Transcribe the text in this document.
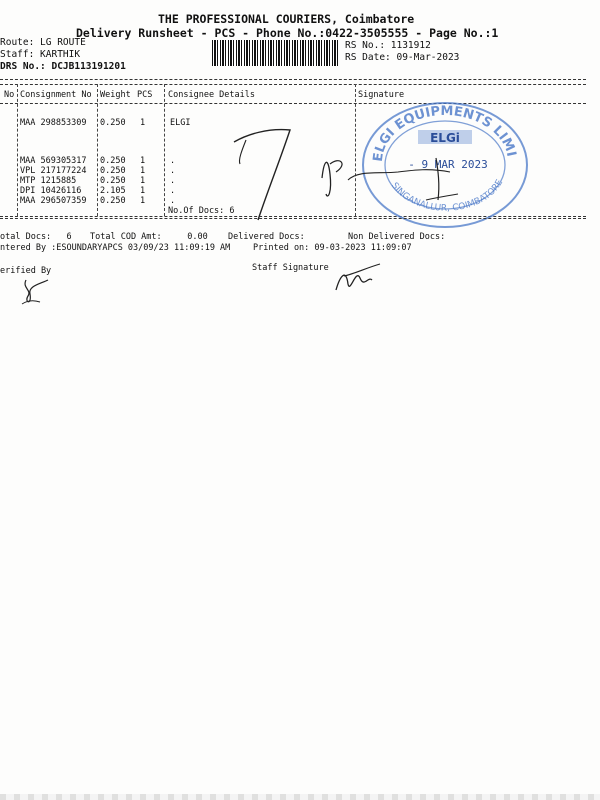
THE PROFESSIONAL COURIERS, Coimbatore
Delivery Runsheet - PCS - Phone No.:0422-3505555 - Page No.:1
Route: LG ROUTE
Staff: KARTHIK
DRS No.: DCJB113191201
RS No.: 1131912
RS Date: 09-Mar-2023
No Consignment No Weight PCS Consignee Details	Signature
MAA 298853309 0.250 1	ELGI
MAA 569305317 0.250 1	.
VPL 217177224 0.250 1	.
MTP 1215885	0.250 1	.
DPI 10426116 2.105 1	.
MAA 296507359 0.250 1	.
No.Of Docs: 6
ELGI EQUIPMENTS LIMI
SINGANALLUR, COIMBATORE
ELGi
- 9 MAR 2023
otal Docs:   6 Total COD Amt:     0.00 Delivered Docs:	Non Delivered Docs:
ntered By :ESOUNDARYAPCS 03/09/23 11:09:19 AM	Printed on: 09-03-2023 11:09:07
erified By	Staff Signature
